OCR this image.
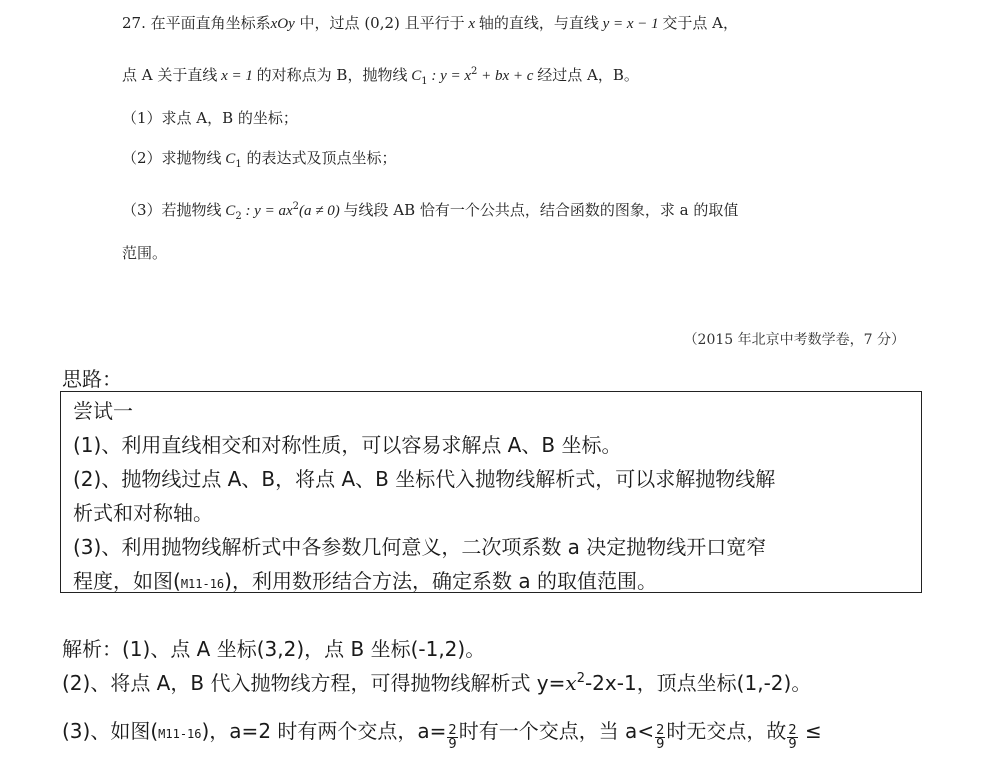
27. 在平面直角坐标系xOy 中，过点 (0,2) 且平行于 x 轴的直线，与直线 y = x − 1 交于点 A，
点 A 关于直线 x = 1 的对称点为 B，抛物线 $C_1$ : $y = x^2$ + bx + c 经过点 A，B。
（1）求点 A，B 的坐标；
（2）求抛物线 $C_1$ 的表达式及顶点坐标；
（3）若抛物线 $C_2$ : $y = ax^2(a \ne 0)$ 与线段 AB 恰有一个公共点，结合函数的图象，求 a 的取值
范围。
（2015 年北京中考数学卷，7 分）
思路：
尝试一
(1)、利用直线相交和对称性质，可以容易求解点 A、B 坐标。
(2)、抛物线过点 A、B，将点 A、B 坐标代入抛物线解析式，可以求解抛物线解
析式和对称轴。
(3)、利用抛物线解析式中各参数几何意义，二次项系数 a 决定抛物线开口宽窄
程度，如图(M11-16)，利用数形结合方法，确定系数 a 的取值范围。
解析：(1)、点 A 坐标(3,2)，点 B 坐标(-1,2)。
(2)、将点 A，B 代入抛物线方程，可得抛物线解析式 $y=x^2-2x-1$，顶点坐标(1,-2)。
(3)、如图(M11-16)，a=2 时有两个交点，$a= \frac{2}{9}$ 时有一个交点，当 $a< \frac{2}{9}$ 时无交点，故 $\frac{2}{9}$ ≤
